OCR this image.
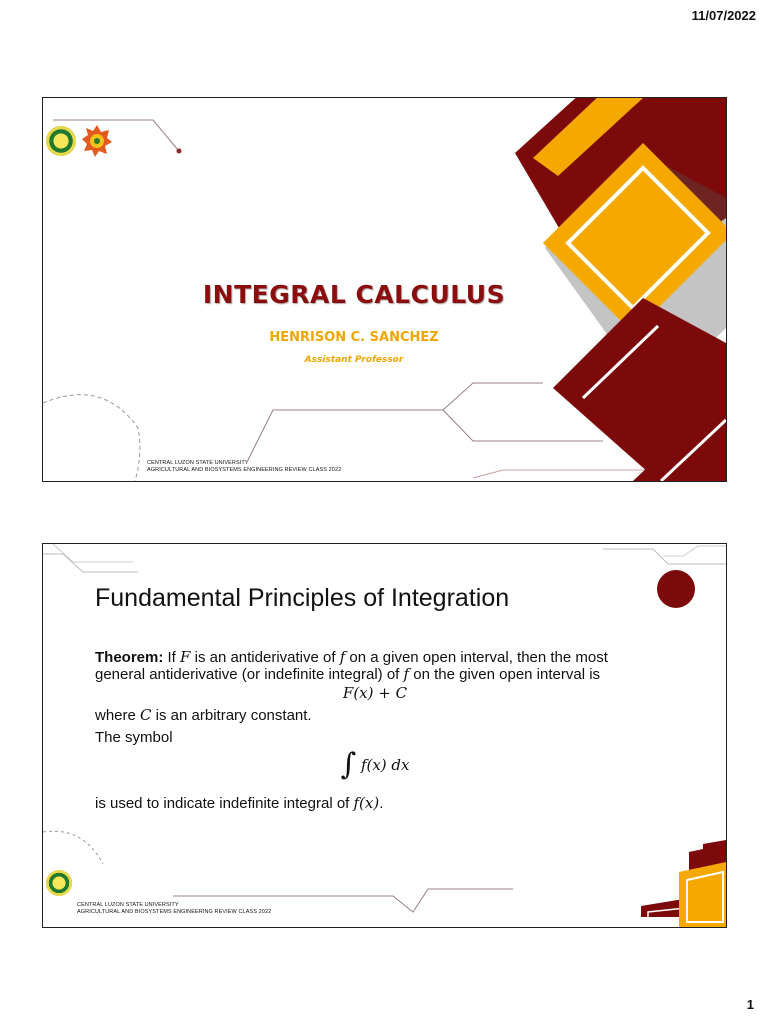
11/07/2022
INTEGRAL CALCULUS
HENRISON C. SANCHEZ
Assistant Professor
CENTRAL LUZON STATE UNIVERSITY
AGRICULTURAL AND BIOSYSTEMS ENGINEERING REVIEW CLASS 2022
Fundamental Principles of Integration
Theorem: If F is an antiderivative of f on a given open interval, then the most general antiderivative (or indefinite integral) of f on the given open interval is
F(x) + C
where C is an arbitrary constant.
The symbol
∫ f(x) dx
is used to indicate indefinite integral of f(x).
CENTRAL LUZON STATE UNIVERSITY
AGRICULTURAL AND BIOSYSTEMS ENGINEERING REVIEW CLASS 2022
1
